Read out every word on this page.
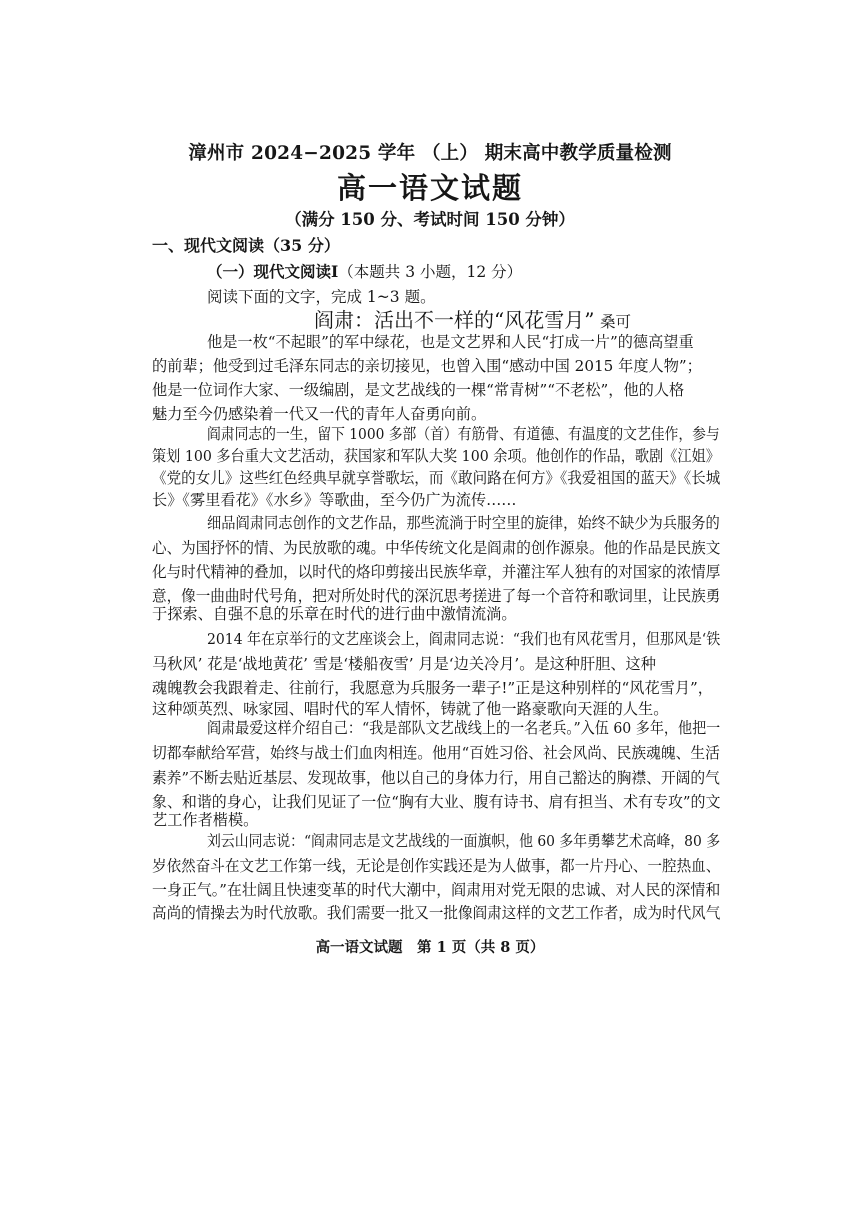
漳州市 2024−2025 学年 （上） 期末高中教学质量检测
高一语文试题
（满分 150 分、考试时间 150 分钟）
一、现代文阅读（35 分）
（一）现代文阅读Ⅰ（本题共 3 小题，12 分）
阅读下面的文字，完成 1~3 题。
阎肃：活出不一样的“风花雪月” 桑可
他是一枚“不起眼”的军中绿花，也是文艺界和人民“打成一片”的德高望重
的前辈；他受到过毛泽东同志的亲切接见，也曾入围“感动中国 2015 年度人物”；
他是一位词作大家、一级编剧，是文艺战线的一棵“常青树”“不老松”，他的人格
魅力至今仍感染着一代又一代的青年人奋勇向前。
阎肃同志的一生，留下 1000 多部（首）有筋骨、有道德、有温度的文艺佳作，参与
策划 100 多台重大文艺活动，获国家和军队大奖 100 余项。他创作的作品，歌剧《江姐》
《党的女儿》这些红色经典早就享誉歌坛，而《敢问路在何方》《我爱祖国的蓝天》《长城
长》《雾里看花》《水乡》等歌曲，至今仍广为流传……
细品阎肃同志创作的文艺作品，那些流淌于时空里的旋律，始终不缺少为兵服务的
心、为国抒怀的情、为民放歌的魂。中华传统文化是阎肃的创作源泉。他的作品是民族文
化与时代精神的叠加，以时代的烙印剪接出民族华章，并灌注军人独有的对国家的浓情厚
意，像一曲曲时代号角，把对所处时代的深沉思考搓进了每一个音符和歌词里，让民族勇
于探索、自强不息的乐章在时代的进行曲中激情流淌。
2014 年在京举行的文艺座谈会上，阎肃同志说：“我们也有风花雪月，但那风是‘铁
马秋风’ 花是‘战地黄花’ 雪是‘楼船夜雪’ 月是‘边关冷月’。是这种肝胆、这种
魂魄教会我跟着走、往前行，我愿意为兵服务一辈子!”正是这种别样的“风花雪月”，
这种颂英烈、咏家园、唱时代的军人情怀，铸就了他一路豪歌向天涯的人生。
阎肃最爱这样介绍自己：“我是部队文艺战线上的一名老兵。”入伍 60 多年，他把一
切都奉献给军营，始终与战士们血肉相连。他用“百姓习俗、社会风尚、民族魂魄、生活
素养”不断去贴近基层、发现故事，他以自己的身体力行，用自己豁达的胸襟、开阔的气
象、和谐的身心，让我们见证了一位“胸有大业、腹有诗书、肩有担当、术有专攻”的文
艺工作者楷模。
刘云山同志说：“阎肃同志是文艺战线的一面旗帜，他 60 多年勇攀艺术高峰，80 多
岁依然奋斗在文艺工作第一线，无论是创作实践还是为人做事，都一片丹心、一腔热血、
一身正气。”在壮阔且快速变革的时代大潮中，阎肃用对党无限的忠诚、对人民的深情和
高尚的情操去为时代放歌。我们需要一批又一批像阎肃这样的文艺工作者，成为时代风气
高一语文试题　第 1 页（共 8 页）
